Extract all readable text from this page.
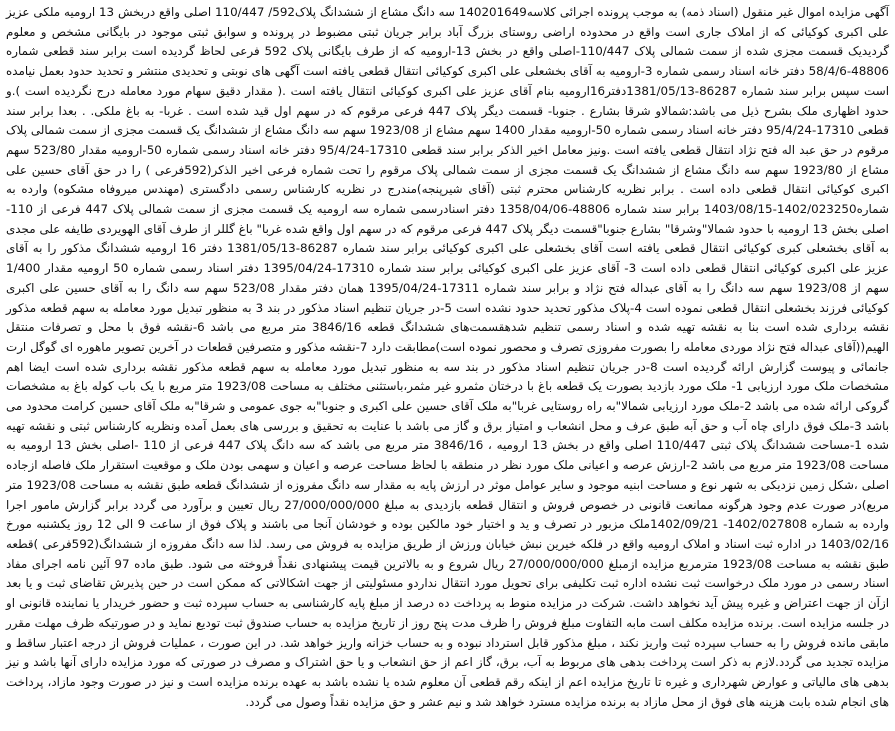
آگهی مزایده اموال غیر منقول (اسناد ذمه) به موجب پرونده اجرائی کلاسه140201649 سه دانگ مشاع از ششدانگ پلاک592/ 110/447 اصلی واقع دربخش 13 ارومیه ملکی عزیز علی اکبری کوکیائی که از املاک جاری است واقع در محدوده اراضی روستای بزرگ آباد برابر جریان ثبتی مضبوط در پرونده و سوابق ثبتی موجود در بایگانی مشخص و معلوم گردیدیک قسمت مجزی شده از سمت شمالی پلاک 110/447-اصلی واقع در بخش 13-ارومیه که از طرف بایگانی پلاک 592 فرعی لحاظ گردیده است برابر سند قطعی شماره 48806-58/4/6 دفتر خانه اسناد رسمی شماره 3-ارومیه به آقای بخشعلی علی اکبری کوکیائی انتقال قطعی یافته است آگهی های نوبتی و تحدیدی منتشر و تحدید حدود بعمل نیامده است سپس برابر سند شماره 86287-1381/05/13دفتر16ارومیه بنام آقای عزیز علی اکبری کوکیائی انتقال یافته است .( مقدار دقیق سهام مورد معامله درج نگردیده است ).و حدود اظهاری ملک بشرح ذیل می باشد:شمالاو شرقا بشارع . جنوبا- قسمت دیگر پلاک 447 فرعی مرقوم که در سهم اول قید شده است . غربا- به باغ ملکی. . بعدا برابر سند قطعی 17310-95/4/24 دفتر خانه اسناد رسمی شماره 50-ارومیه مقدار 1400 سهم مشاع از 1923/08 سهم سه دانگ مشاع از ششدانگ یک قسمت مجزی از سمت شمالی پلاک مرقوم در حق عبد اله فتح نژاد انتقال قطعی یافته است .ونیز معامل اخیر الذکر برابر سند قطعی 17310-95/4/24 دفتر خانه اسناد رسمی شماره 50-ارومیه مقدار 523/80 سهم مشاع از 1923/80 سهم سه دانگ مشاع از ششدانگ یک قسمت مجزی از سمت شمالی پلاک مرقوم را تحت شماره فرعی اخیر الذکر(592فرعی ) را در حق آقای حسین علی اکبری کوکیائی انتقال قطعی داده است . برابر نظریه کارشناس محترم ثبتی (آقای شیرپنجه)مندرج در نظریه کارشناس رسمی دادگستری (مهندس میروفاه مشکوه) وارده به شماره1402/023250-1403/08/15 برابر سند شماره 48806-1358/04/06 دفتر اسنادرسمی شماره سه ارومیه یک قسمت مجزی از سمت شمالی پلاک 447 فرعی از 110- اصلی بخش 13 ارومیه با حدود شمالا"وشرقا" بشارع جنوبا"قسمت دیگر پلاک 447 فرعی مرقوم که در سهم اول واقع شده غربا" باغ گللر از طرف آقای الهویردی طایفه علی مجدی به آقای بخشعلی کبری کوکیائی انتقال قطعی یافته است آقای بخشعلی علی اکبری کوکیائی برابر سند شماره 86287-1381/05/13 دفتر 16 ارومیه ششدانگ مذکور را به آقای عزیز علی اکبری کوکیائی انتقال قطعی داده است 3- آقای عزیز علی اکبری کوکیائی برابر سند شماره 17310-1395/04/24 دفتر اسناد رسمی شماره 50 ارومیه مقدار 1/400 سهم از 1923/08 سهم سه دانگ را به آقای عبداله فتح نژاد و برابر سند شماره 17311-1395/04/24 همان دفتر مقدار 523/08 سهم سه دانگ را به آقای حسین علی اکبری کوکیائی فرزند بخشعلی انتقال قطعی نموده است 4-پلاک مذکور تحدید حدود نشده است 5-در جریان تنظیم اسناد مذکور در بند 3 به منظور تبدیل مورد معامله به سهم قطعه مذکور نقشه برداری شده است بنا به نقشه تهیه شده و اسناد رسمی تنظیم شدهقسمت‌های ششدانگ قطعه 3846/16 متر مربع می باشد 6-نقشه فوق با محل و تصرفات منتقل الهیم((آقای عبداله فتح نژاد موردی معامله را بصورت مفروزی تصرف و محصور نموده است)مطابقت دارد 7-نقشه مذکور و متصرفین قطعات در آخرین تصویر ماهوره ای گوگل ارت جانمائی و پیوست گزارش ارائه گردیده است 8-در جریان تنظیم اسناد مذکور در بند سه به منظور تبدیل مورد معامله به سهم قطعه مذکور نقشه برداری شده است ایضا اهم مشخصات ملک مورد ارزیابی 1- ملک مورد بازدید بصورت یک قطعه باغ با درختان مثمرو غیر مثمر،باستثنی مختلف به مساحت 1923/08 متر مربع با یک باب کوله باغ به مشخصات گروکی ارائه شده می باشد 2-ملک مورد ارزیابی شمالا"به راه روستایی غربا"به ملک آقای حسین علی اکبری و جنوبا"به جوی عمومی و شرقا"به ملک آقای حسین کرامت محدود می باشد 3-ملک فوق دارای چاه آب و حق آبه طبق عرف و محل انشعاب و امتیاز برق و گاز می باشد با عنایت به تحقیق و بررسی های بعمل آمده ونظریه کارشناس ثبتی و نقشه تهیه شده 1-مساحت ششدانگ پلاک ثبتی 110/447 اصلی واقع در بخش 13 ارومیه ، 3846/16 متر مربع می باشد که سه دانگ پلاک 447 فرعی از 110 -اصلی بخش 13 ارومیه به مساحت 1923/08 متر مربع می باشد 2-ارزش عرصه و اعیانی ملک مورد نظر در منطقه با لحاظ مساحت عرصه و اعیان و سهمی بودن ملک و موقعیت استقرار ملک فاصله ازجاده اصلی ،شکل زمین نزدیکی به شهر نوع و مساحت ابنیه موجود و سایر عوامل موثر در ارزش پایه به مقدار سه دانگ مفروزه از ششدانگ قطعه طبق نقشه به مساحت 1923/08 متر مربع)در صورت عدم وجود هرگونه ممانعت قانونی در خصوص فروش و انتقال قطعه بازدیدی به مبلغ 27/000/000/000 ریال تعیین و برآورد می گردد برابر گزارش مامور اجرا وارده به شماره 1402/027808- 1402/09/21ملک مزبور در تصرف و ید و اختیار خود مالکین بوده و خودشان آنجا می باشند و پلاک فوق از ساعت 9 الی 12 روز یکشنبه مورخ 1403/02/16 در اداره ثبت اسناد و املاک ارومیه واقع در فلکه خیرین نبش خیابان ورزش از طریق مزایده به فروش می رسد. لذا سه دانگ مفروزه از ششدانگ(592فرعی )قطعه طبق نقشه به مساحت 1923/08 مترمربع مزایده ازمبلغ 27/000/000/000 ریال شروع و به بالاترین قیمت پیشنهادی نقداً فروخته می شود. طبق ماده 97 آئین نامه اجرای مفاد اسناد رسمی در مورد ملک درخواست ثبت نشده اداره ثبت تکلیفی برای تحویل مورد انتقال نداردو مسئولیتی از جهت اشکالاتی که ممکن است در حین پذیرش تقاضای ثبت و یا بعد ازآن از جهت اعتراض و غیره پیش آید نخواهد داشت. شرکت در مزایده منوط به پرداخت ده درصد از مبلغ پایه کارشناسی به حساب سپرده ثبت و حضور خریدار یا نماینده قانونی او در جلسه مزایده است. برنده مزایده مکلف است مابه التفاوت مبلغ فروش را ظرف مدت پنج روز از تاریخ مزایده به حساب صندوق ثبت تودیع نماید و در صورتیکه ظرف مهلت مقرر مابقی مانده فروش را به حساب سپرده ثبت واریز نکند ، مبلغ مذکور قابل استرداد نبوده و به حساب خزانه واریز خواهد شد. در این صورت ، عملیات فروش از درجه اعتبار ساقط و مزایده تجدید می گردد.لازم به ذکر است پرداخت بدهی های مربوط به آب، برق، گاز اعم از حق انشعاب و یا حق اشتراک و مصرف در صورتی که مورد مزایده دارای آنها باشد و نیز بدهی های مالیاتی و عوارض شهرداری و غیره تا تاریخ مزایده اعم از اینکه رقم قطعی آن معلوم شده یا نشده باشد به عهده برنده مزایده است و نیز در صورت وجود مازاد، پرداخت های انجام شده بابت هزینه های فوق از محل مازاد به برنده مزایده مسترد خواهد شد و نیم عشر و حق مزایده نقداً وصول می گردد.
